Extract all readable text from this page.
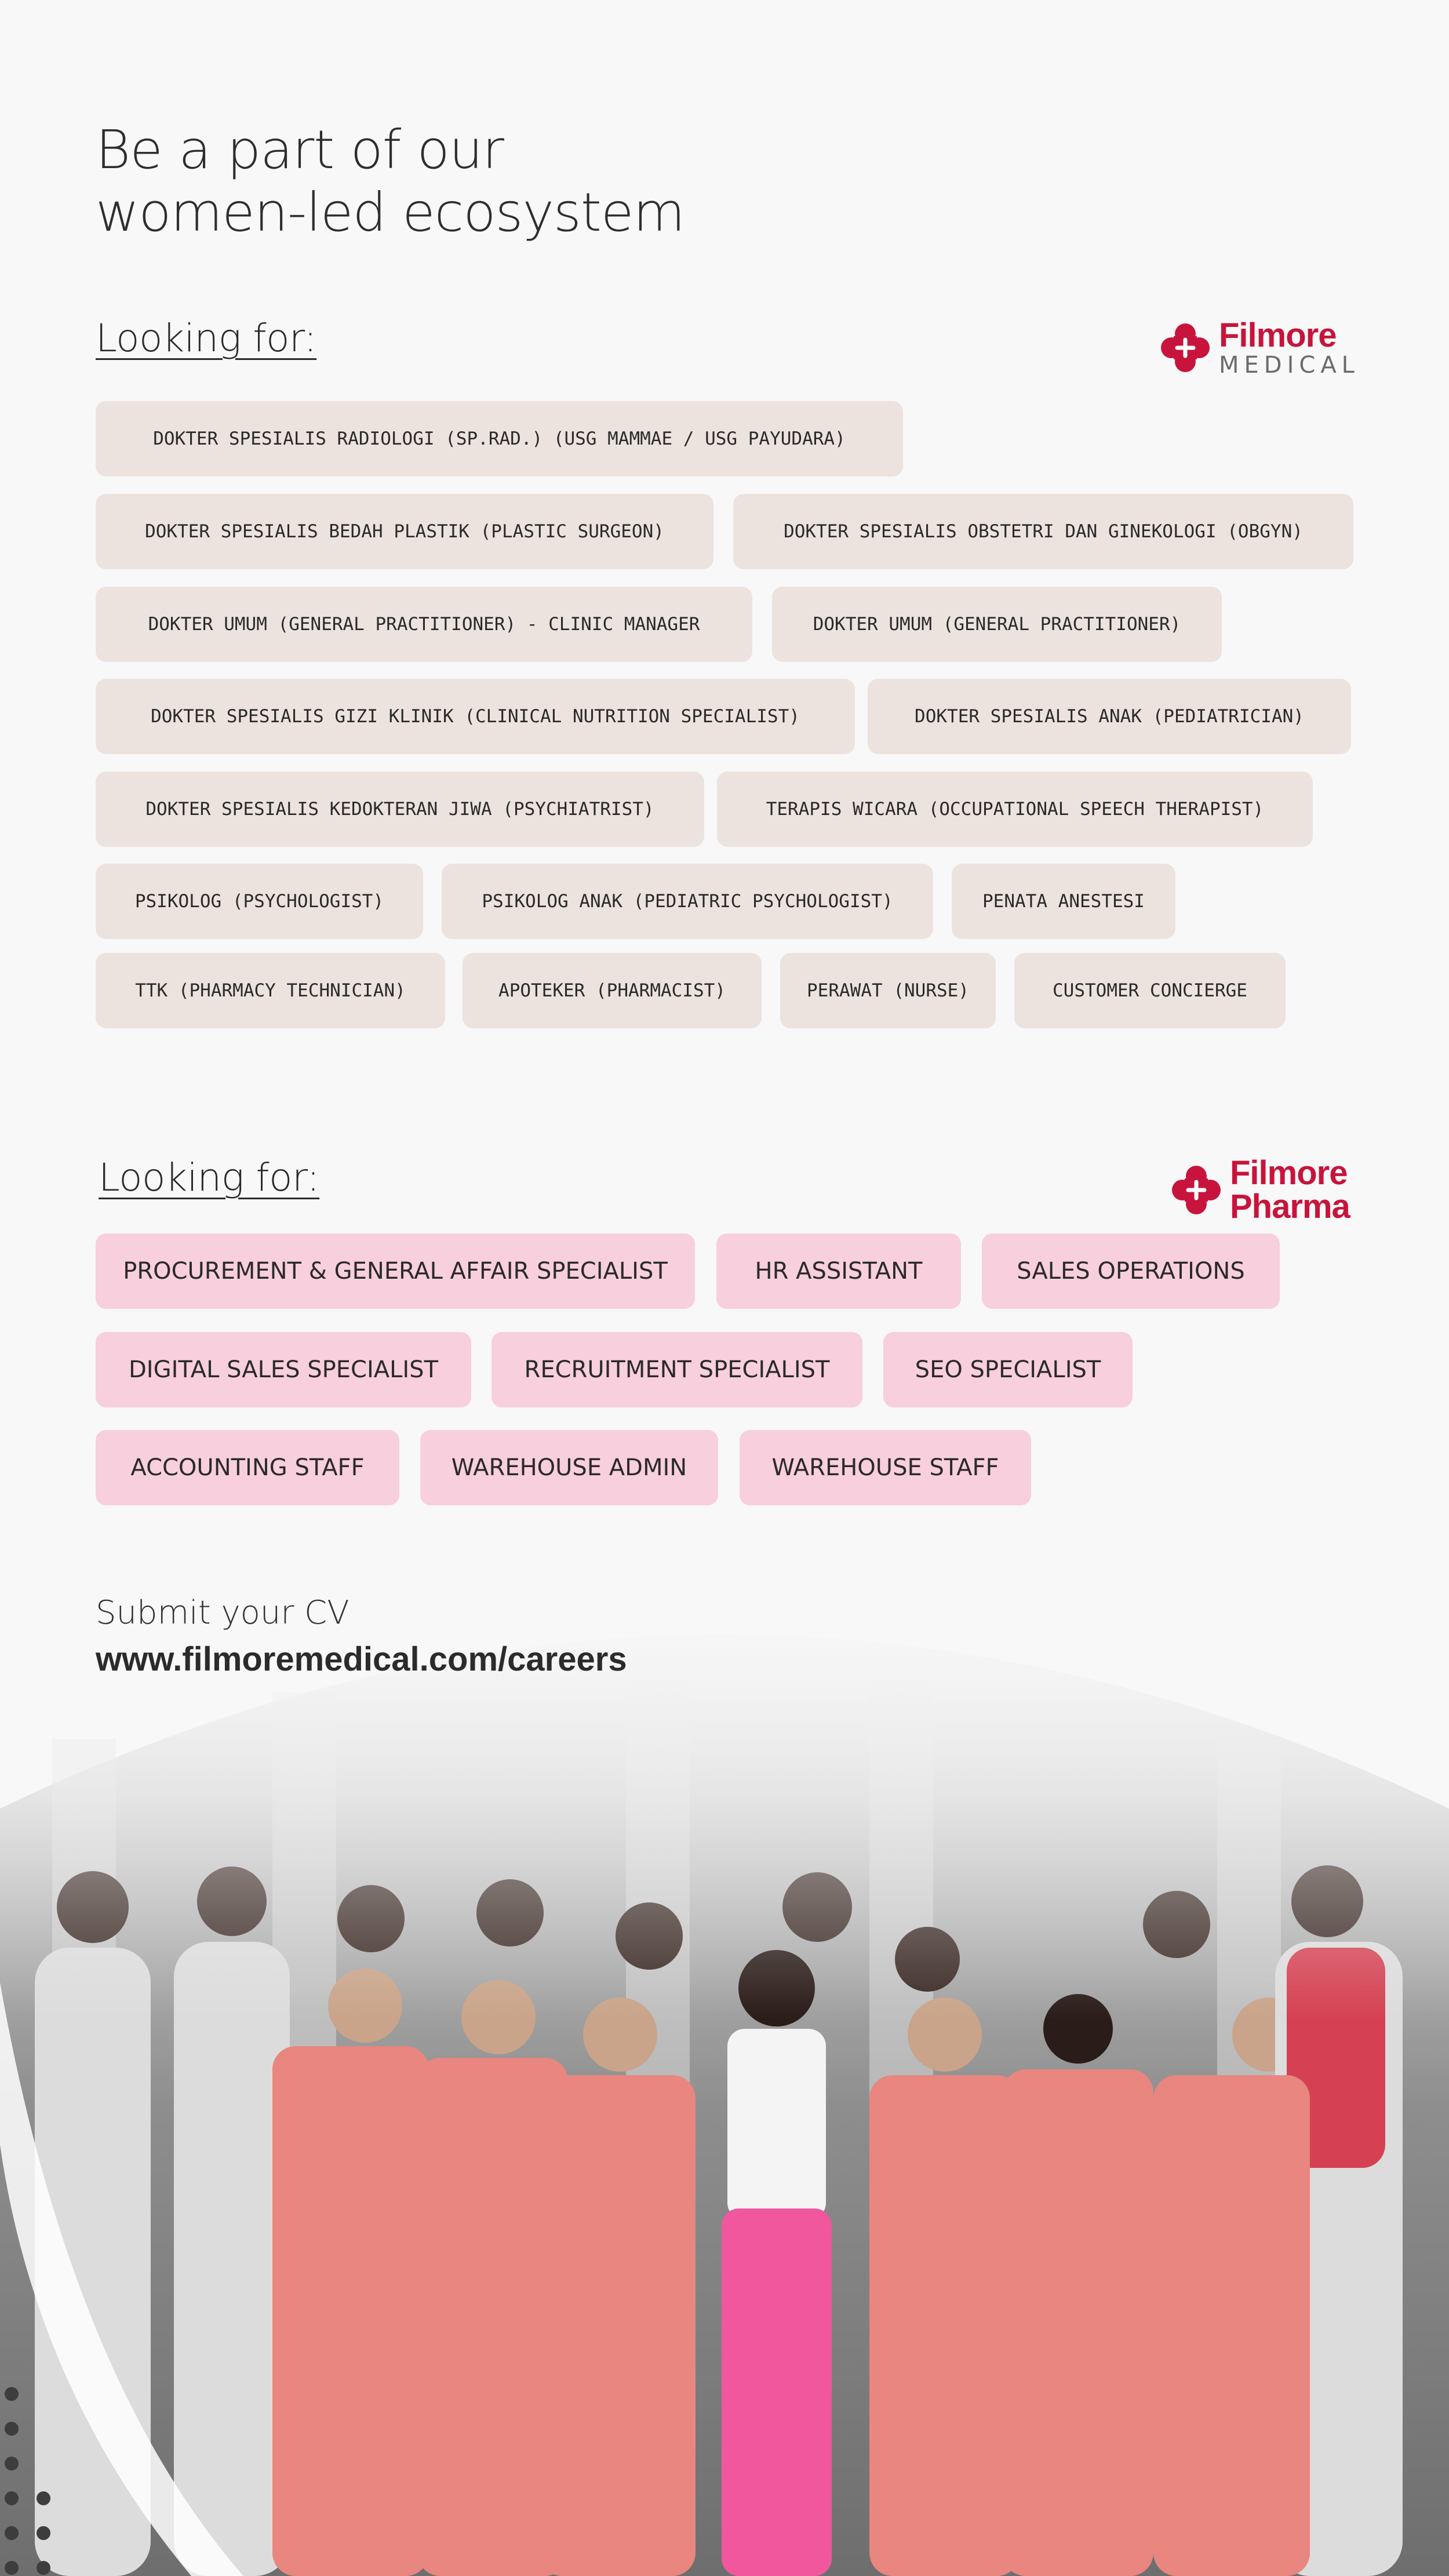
Be a part of our
women-led ecosystem
Looking for:	Filmore
MEDICAL
DOKTER SPESIALIS RADIOLOGI (SP.RAD.) (USG MAMMAE / USG PAYUDARA)
DOKTER SPESIALIS BEDAH PLASTIK (PLASTIC SURGEON)	DOKTER SPESIALIS OBSTETRI DAN GINEKOLOGI (OBGYN)
DOKTER UMUM (GENERAL PRACTITIONER) - CLINIC MANAGER	DOKTER UMUM (GENERAL PRACTITIONER)
DOKTER SPESIALIS GIZI KLINIK (CLINICAL NUTRITION SPECIALIST)	DOKTER SPESIALIS ANAK (PEDIATRICIAN)
DOKTER SPESIALIS KEDOKTERAN JIWA (PSYCHIATRIST)	TERAPIS WICARA (OCCUPATIONAL SPEECH THERAPIST)
PSIKOLOG (PSYCHOLOGIST)	PSIKOLOG ANAK (PEDIATRIC PSYCHOLOGIST)	PENATA ANESTESI
TTK (PHARMACY TECHNICIAN)	APOTEKER (PHARMACIST)	PERAWAT (NURSE)	CUSTOMER CONCIERGE
Looking for:	Filmore
Pharma
PROCUREMENT & GENERAL AFFAIR SPECIALIST	HR ASSISTANT	SALES OPERATIONS
DIGITAL SALES SPECIALIST	RECRUITMENT SPECIALIST	SEO SPECIALIST
ACCOUNTING STAFF	WAREHOUSE ADMIN	WAREHOUSE STAFF
Submit your CV
www.filmoremedical.com/careers
